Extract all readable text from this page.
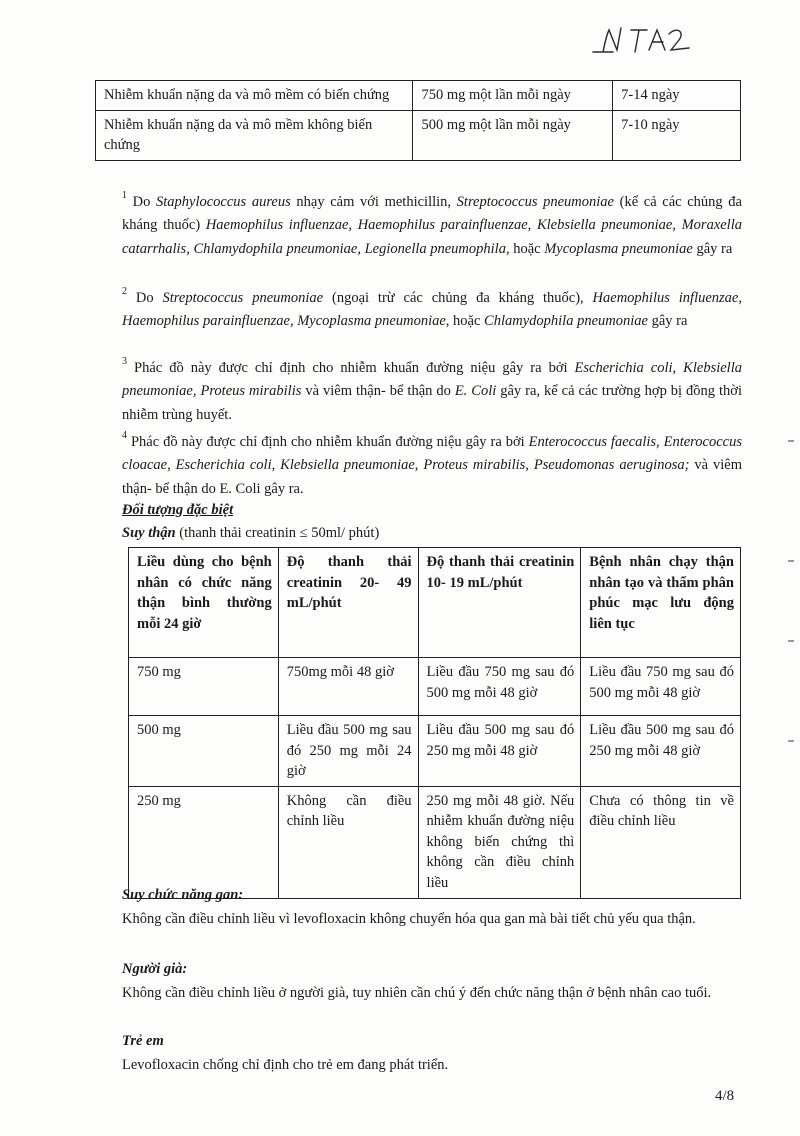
Nhiễm khuẩn nặng da và mô mềm có biến chứng	750 mg một lần mỗi ngày	7-14 ngày
Nhiễm khuẩn nặng da và mô mềm không biến chứng	500 mg một lần mỗi ngày	7-10 ngày
$^1$ Do Staphylococcus aureus nhạy cảm với methicillin, Streptococcus pneumoniae (kể cả các chủng đa kháng thuốc) Haemophilus influenzae, Haemophilus parainfluenzae, Klebsiella pneumoniae, Moraxella catarrhalis, Chlamydophila pneumoniae, Legionella pneumophila, hoặc Mycoplasma pneumoniae gây ra
$^2$ Do Streptococcus pneumoniae (ngoại trừ các chủng đa kháng thuốc), Haemophilus influenzae, Haemophilus parainfluenzae, Mycoplasma pneumoniae, hoặc Chlamydophila pneumoniae gây ra
$^3$ Phác đồ này được chỉ định cho nhiễm khuẩn đường niệu gây ra bởi Escherichia coli, Klebsiella pneumoniae, Proteus mirabilis và viêm thận- bể thận do E. Coli gây ra, kể cả các trường hợp bị đồng thời nhiễm trùng huyết.
$^4$ Phác đồ này được chỉ định cho nhiễm khuẩn đường niệu gây ra bởi Enterococcus faecalis, Enterococcus cloacae, Escherichia coli, Klebsiella pneumoniae, Proteus mirabilis, Pseudomonas aeruginosa; và viêm thận- bể thận do E. Coli gây ra.
Đối tượng đặc biệt
Suy thận (thanh thải creatinin ≤ 50ml/ phút)
Liều dùng cho bệnh nhân có chức năng thận bình thường mỗi 24 giờ	Độ thanh thải creatinin 20- 49 mL/phút	Độ thanh thải creatinin 10- 19 mL/phút	Bệnh nhân chạy thận nhân tạo và thẩm phân phúc mạc lưu động liên tục
750 mg	750mg mỗi 48 giờ	Liều đầu 750 mg sau đó 500 mg mỗi 48 giờ	Liều đầu 750 mg sau đó 500 mg mỗi 48 giờ
500 mg	Liều đầu 500 mg sau đó 250 mg mỗi 24 giờ	Liều đầu 500 mg sau đó 250 mg mỗi 48 giờ	Liều đầu 500 mg sau đó 250 mg mỗi 48 giờ
250 mg	Không cần điều chỉnh liều	250 mg mỗi 48 giờ. Nếu nhiễm khuẩn đường niệu không biến chứng thì không cần điều chỉnh liều	Chưa có thông tin về điều chỉnh liều
Suy chức năng gan:
Không cần điều chỉnh liều vì levofloxacin không chuyển hóa qua gan mà bài tiết chủ yếu qua thận.
Người già:
Không cần điều chỉnh liều ở người già, tuy nhiên cần chú ý đến chức năng thận ở bệnh nhân cao tuổi.
Trẻ em
Levofloxacin chống chỉ định cho trẻ em đang phát triển.
4/8
